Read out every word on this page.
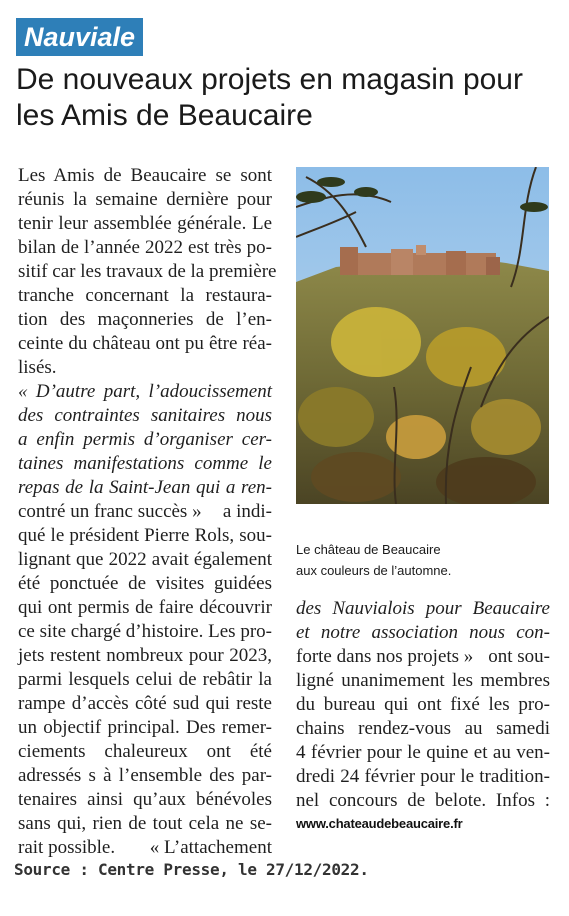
Nauviale
De nouveaux projets en magasin pour les Amis de Beaucaire
Les Amis de Beaucaire se sont
réunis la semaine dernière pour
tenir leur assemblée générale. Le
bilan de l’année 2022 est très po-
sitif car les travaux de la première
tranche concernant la restaura-
tion des maçonneries de l’en-
ceinte du château ont pu être réa-
lisés.
« D’autre part, l’adoucissement
des contraintes sanitaires nous
a enfin permis d’organiser cer-
taines manifestations comme le
repas de la Saint-Jean qui a ren-
contré un franc succès » a indi-
qué le président Pierre Rols, sou-
lignant que 2022 avait également
été ponctuée de visites guidées
qui ont permis de faire découvrir
ce site chargé d’histoire. Les pro-
jets restent nombreux pour 2023,
parmi lesquels celui de rebâtir la
rampe d’accès côté sud qui reste
un objectif principal. Des remer-
ciements chaleureux ont été
adressés s à l’ensemble des par-
tenaires ainsi qu’aux bénévoles
sans qui, rien de tout cela ne se-
rait possible. « L’attachement
Le château de Beaucaire
aux couleurs de l’automne.
des Nauvialois pour Beaucaire
et notre association nous con-
forte dans nos projets » ont sou-
ligné unanimement les membres
du bureau qui ont fixé les pro-
chains rendez-vous au samedi
4 février pour le quine et au ven-
dredi 24 février pour le tradition-
nel concours de belote. Infos :
www.chateaudebeaucaire.fr
Source : Centre Presse, le 27/12/2022.
